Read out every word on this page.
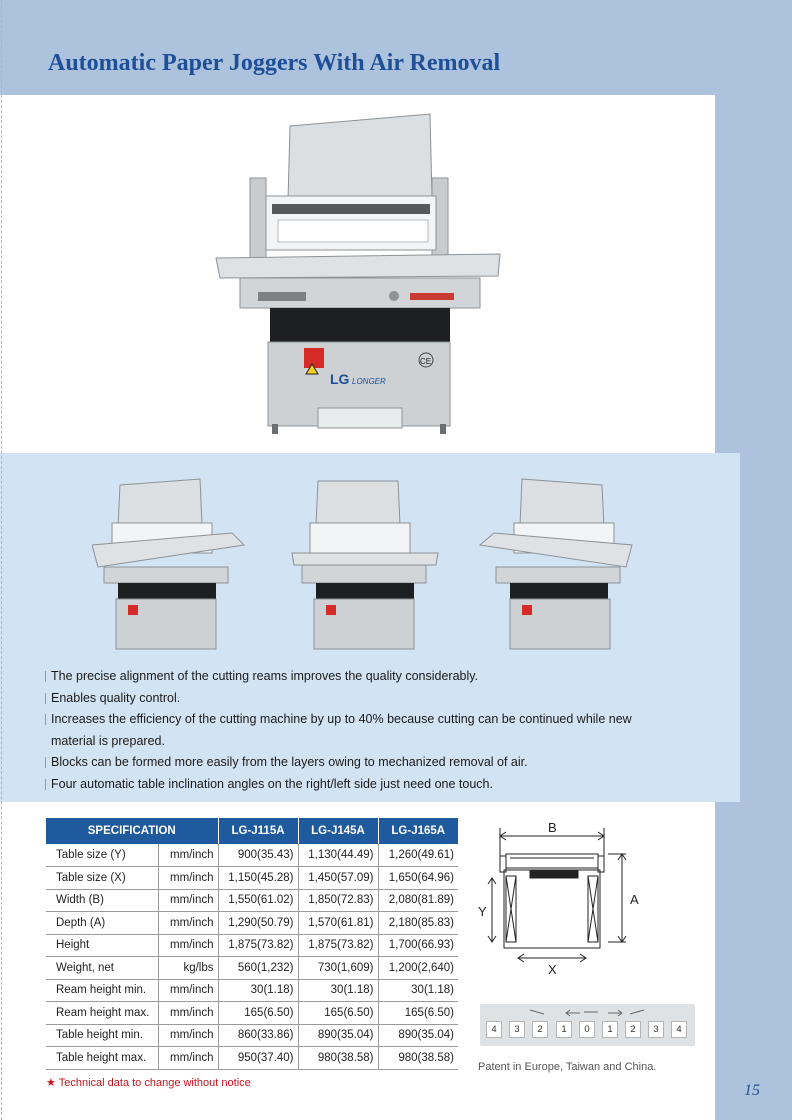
Automatic Paper Joggers With Air Removal
LG LONGER
CE
The precise alignment of the cutting reams improves the quality considerably.
Enables quality control.
Increases the efficiency of the cutting machine by up to 40% because cutting can be continued while new
material is prepared.
Blocks can be formed more easily from the layers owing to mechanized removal of air.
Four automatic table inclination angles on the right/left side just need one touch.
SPECIFICATION		LG-J115A	LG-J145A	LG-J165A
Table size (Y)	mm/inch	900(35.43)	1,130(44.49)	1,260(49.61)
Table size (X)	mm/inch	1,150(45.28)	1,450(57.09)	1,650(64.96)
Width (B)	mm/inch	1,550(61.02)	1,850(72.83)	2,080(81.89)
Depth (A)	mm/inch	1,290(50.79)	1,570(61.81)	2,180(85.83)
Height	mm/inch	1,875(73.82)	1,875(73.82)	1,700(66.93)
Weight, net	kg/lbs	560(1,232)	730(1,609)	1,200(2,640)
Ream height min.	mm/inch	30(1.18)	30(1.18)	30(1.18)
Ream height max.	mm/inch	165(6.50)	165(6.50)	165(6.50)
Table height min.	mm/inch	860(33.86)	890(35.04)	890(35.04)
Table height max.	mm/inch	950(37.40)	980(38.58)	980(38.58)
★ Technical data to change without notice
B
A
Y
X
4	3	2	1	0	1	2	3	4
Patent in Europe, Taiwan and China.
15
